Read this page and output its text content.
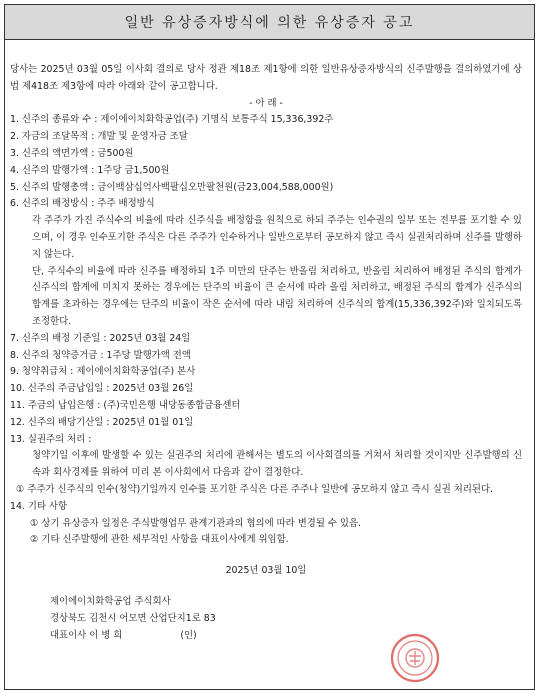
일반 유상증자방식에 의한 유상증자 공고
당사는 2025년 03월 05일 이사회 결의로 당사 정관 제18조 제1항에 의한 일반유상증자방식의 신주발행을 결의하였기에 상법 제418조 제3항에 따라 아래와 같이 공고합니다.
- 아 래 -
1. 신주의 종류와 수 : 제이에이치화학공업(주) 기명식 보통주식 15,336,392주
2. 자금의 조달목적 : 개발 및 운영자금 조달
3. 신주의 액면가액 : 금500원
4. 신주의 발행가액 : 1주당 금1,500원
5. 신주의 발행총액 : 금이백삼십억사백팔십오만팔천원(금23,004,588,000원)
6. 신주의 배정방식 : 주주 배정방식
각 주주가 가진 주식수의 비율에 따라 신주식을 배정함을 원칙으로 하되 주주는 인수권의 일부 또는 전부를 포기할 수 있으며, 이 경우 인수포기한 주식은 다른 주주가 인수하거나 일반으로부터 공모하지 않고 즉시 실권처리하며 신주를 발행하지 않는다.
단, 주식수의 비율에 따라 신주를 배정하되 1주 미만의 단주는 반올림 처리하고, 반올림 처리하여 배정된 주식의 합계가 신주식의 합계에 미치지 못하는 경우에는 단주의 비율이 큰 순서에 따라 올림 처리하고, 배정된 주식의 합계가 신주식의 합계를 초과하는 경우에는 단주의 비율이 작은 순서에 따라 내림 처리하여 신주식의 합계(15,336,392주)와 일치되도록 조정한다.
7. 신주의 배정 기준일 : 2025년 03월 24일
8. 신주의 청약증거금 : 1주당 발행가액 전액
9. 청약취급처 : 제이에이치화학공업(주) 본사
10. 신주의 주금납입일 : 2025년 03월 26일
11. 주금의 납입은행 : (주)국민은행 내당동종합금융센터
12. 신주의 배당기산일 : 2025년 01월 01일
13. 실권주의 처리 :
청약기일 이후에 발생할 수 있는 실권주의 처리에 관해서는 별도의 이사회결의를 거쳐서 처리할 것이지만 신주발행의 신속과 회사경제를 위하여 미리 본 이사회에서 다음과 같이 결정한다.
① 주주가 신주식의 인수(청약)기일까지 인수를 포기한 주식은 다른 주주나 일반에 공모하지 않고 즉시 실권 처리된다.
14. 기타 사항
① 상기 유상증자 일정은 주식발행업무 관계기관과의 협의에 따라 변경될 수 있음.
② 기타 신주발행에 관한 세부적인 사항을 대표이사에게 위임함.
2025년 03월 10일
제이에이치화학공업 주식회사
경상북도 김천시 어모면 산업단지1로 83
대표이사 이 병 희	(인)
